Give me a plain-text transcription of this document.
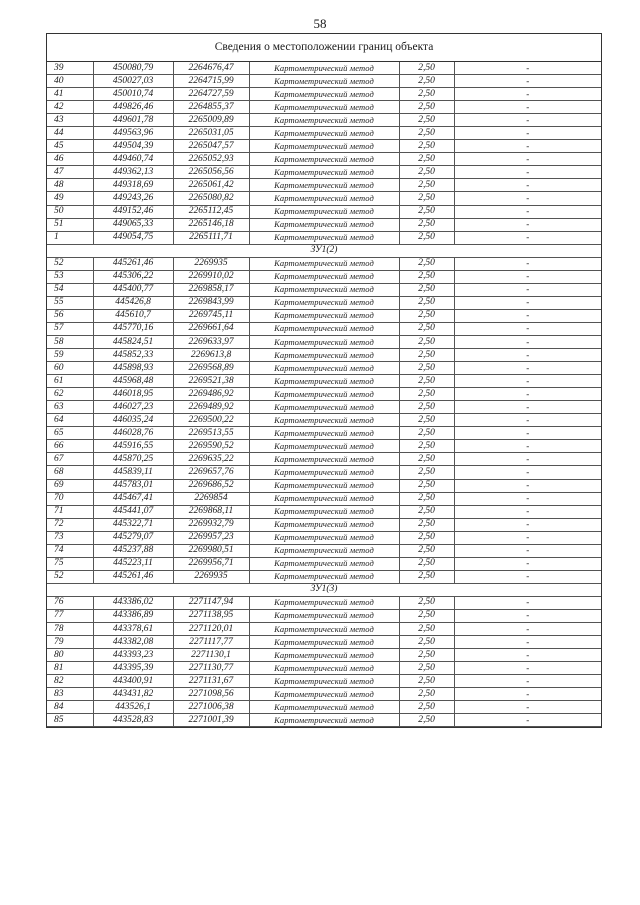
58
Сведения о местоположении границ объекта
39	450080,79	2264676,47	Картометрический метод	2,50	-
40	450027,03	2264715,99	Картометрический метод	2,50	-
41	450010,74	2264727,59	Картометрический метод	2,50	-
42	449826,46	2264855,37	Картометрический метод	2,50	-
43	449601,78	2265009,89	Картометрический метод	2,50	-
44	449563,96	2265031,05	Картометрический метод	2,50	-
45	449504,39	2265047,57	Картометрический метод	2,50	-
46	449460,74	2265052,93	Картометрический метод	2,50	-
47	449362,13	2265056,56	Картометрический метод	2,50	-
48	449318,69	2265061,42	Картометрический метод	2,50	-
49	449243,26	2265080,82	Картометрический метод	2,50	-
50	449152,46	2265112,45	Картометрический метод	2,50	-
51	449065,33	2265146,18	Картометрический метод	2,50	-
1	449054,75	2265111,71	Картометрический метод	2,50	-
ЗУ1(2)					
52	445261,46	2269935	Картометрический метод	2,50	-
53	445306,22	2269910,02	Картометрический метод	2,50	-
54	445400,77	2269858,17	Картометрический метод	2,50	-
55	445426,8	2269843,99	Картометрический метод	2,50	-
56	445610,7	2269745,11	Картометрический метод	2,50	-
57	445770,16	2269661,64	Картометрический метод	2,50	-
58	445824,51	2269633,97	Картометрический метод	2,50	-
59	445852,33	2269613,8	Картометрический метод	2,50	-
60	445898,93	2269568,89	Картометрический метод	2,50	-
61	445968,48	2269521,38	Картометрический метод	2,50	-
62	446018,95	2269486,92	Картометрический метод	2,50	-
63	446027,23	2269489,92	Картометрический метод	2,50	-
64	446035,24	2269500,22	Картометрический метод	2,50	-
65	446028,76	2269513,55	Картометрический метод	2,50	-
66	445916,55	2269590,52	Картометрический метод	2,50	-
67	445870,25	2269635,22	Картометрический метод	2,50	-
68	445839,11	2269657,76	Картометрический метод	2,50	-
69	445783,01	2269686,52	Картометрический метод	2,50	-
70	445467,41	2269854	Картометрический метод	2,50	-
71	445441,07	2269868,11	Картометрический метод	2,50	-
72	445322,71	2269932,79	Картометрический метод	2,50	-
73	445279,07	2269957,23	Картометрический метод	2,50	-
74	445237,88	2269980,51	Картометрический метод	2,50	-
75	445223,11	2269956,71	Картометрический метод	2,50	-
52	445261,46	2269935	Картометрический метод	2,50	-
ЗУ1(3)					
76	443386,02	2271147,94	Картометрический метод	2,50	-
77	443386,89	2271138,95	Картометрический метод	2,50	-
78	443378,61	2271120,01	Картометрический метод	2,50	-
79	443382,08	2271117,77	Картометрический метод	2,50	-
80	443393,23	2271130,1	Картометрический метод	2,50	-
81	443395,39	2271130,77	Картометрический метод	2,50	-
82	443400,91	2271131,67	Картометрический метод	2,50	-
83	443431,82	2271098,56	Картометрический метод	2,50	-
84	443526,1	2271006,38	Картометрический метод	2,50	-
85	443528,83	2271001,39	Картометрический метод	2,50	-
